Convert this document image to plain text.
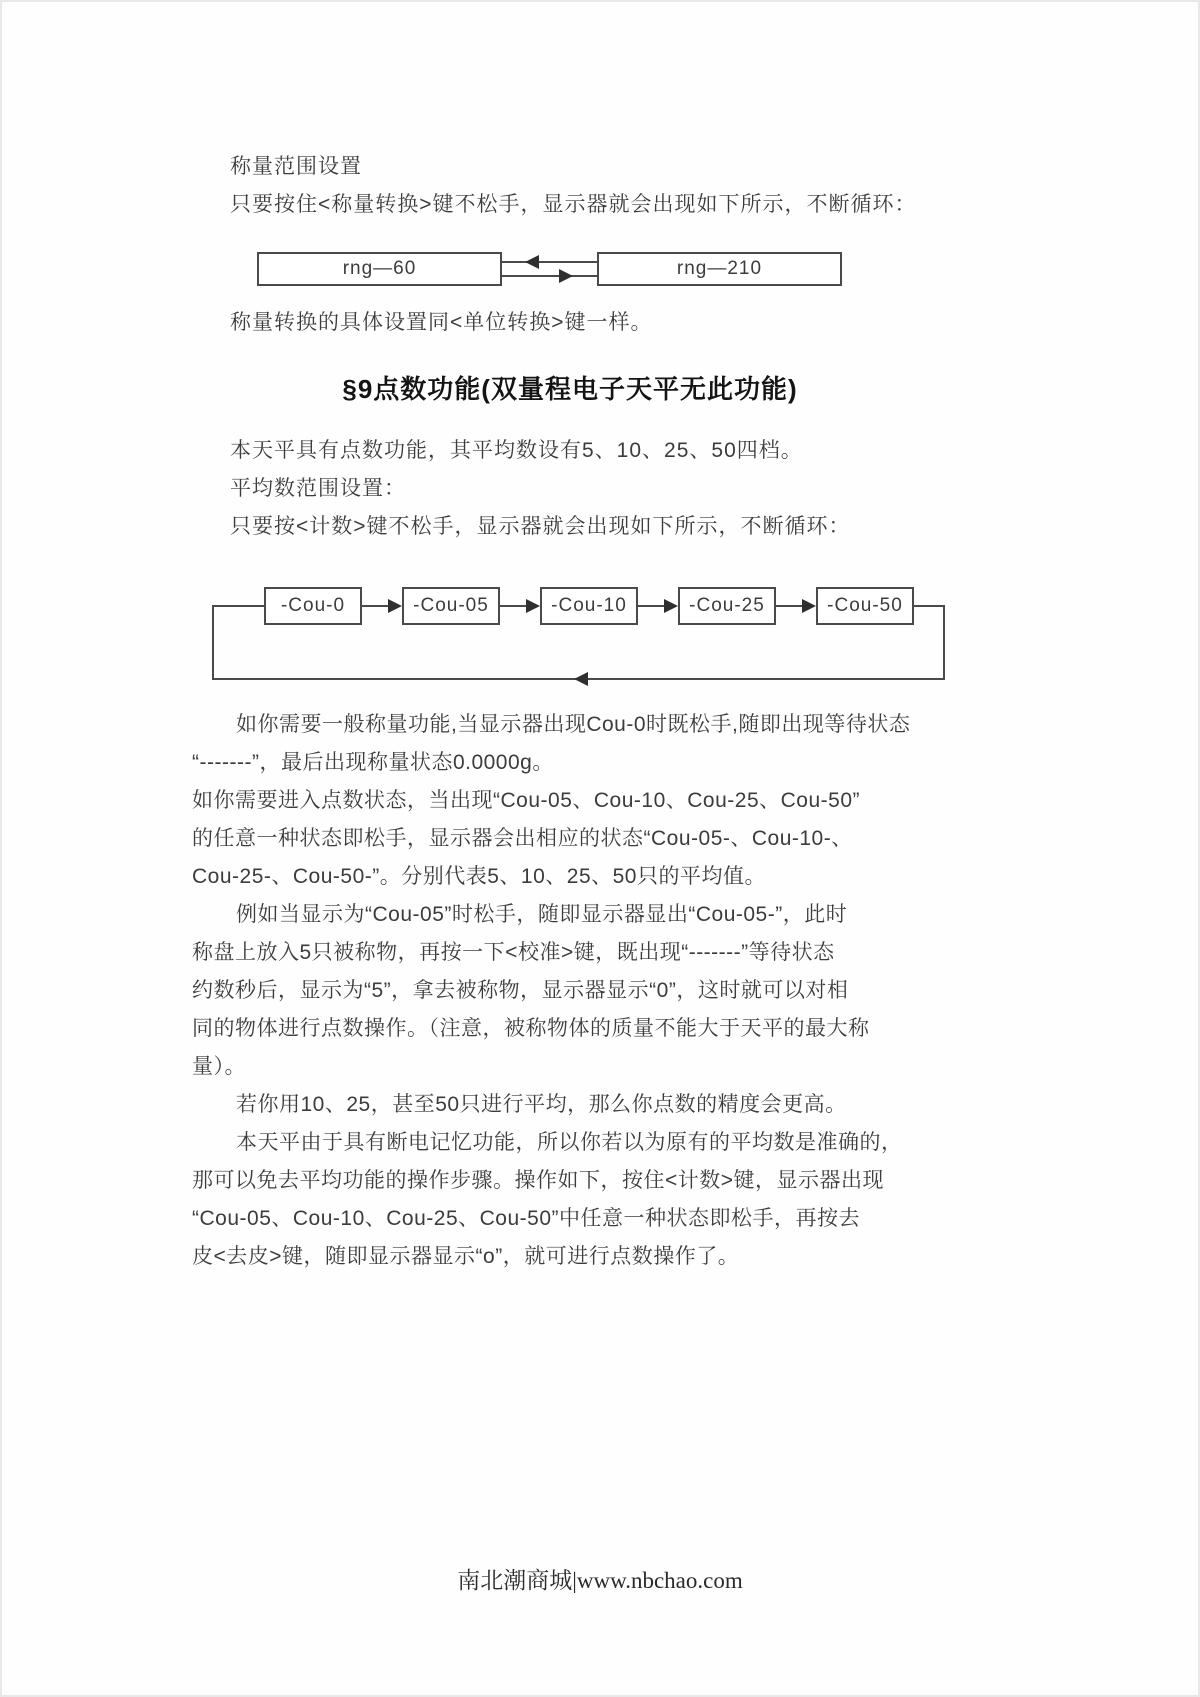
称量范围设置
只要按住<称量转换>键不松手，显示器就会出现如下所示，不断循环：
rng—60	rng—210
称量转换的具体设置同<单位转换>键一样。
§9点数功能(双量程电子天平无此功能)
本天平具有点数功能，其平均数设有5、10、25、50四档。
平均数范围设置：
只要按<计数>键不松手，显示器就会出现如下所示，不断循环：
-Cou-0	-Cou-05	-Cou-10	-Cou-25	-Cou-50
如你需要一般称量功能,当显示器出现Cou-0时既松手,随即出现等待状态
“-------”，最后出现称量状态0.0000g。
如你需要进入点数状态，当出现“Cou-05、Cou-10、Cou-25、Cou-50”
的任意一种状态即松手，显示器会出相应的状态“Cou-05-、Cou-10-、
Cou-25-、Cou-50-”。分别代表5、10、25、50只的平均值。
例如当显示为“Cou-05”时松手，随即显示器显出“Cou-05-”，此时
称盘上放入5只被称物，再按一下<校准>键，既出现“-------”等待状态
约数秒后，显示为“5”，拿去被称物，显示器显示“0”，这时就可以对相
同的物体进行点数操作。（注意，被称物体的质量不能大于天平的最大称
量）。
若你用10、25，甚至50只进行平均，那么你点数的精度会更高。
本天平由于具有断电记忆功能，所以你若以为原有的平均数是准确的，
那可以免去平均功能的操作步骤。操作如下，按住<计数>键，显示器出现
“Cou-05、Cou-10、Cou-25、Cou-50”中任意一种状态即松手，再按去
皮<去皮>键，随即显示器显示“o”，就可进行点数操作了。
南北潮商城|www.nbchao.com
